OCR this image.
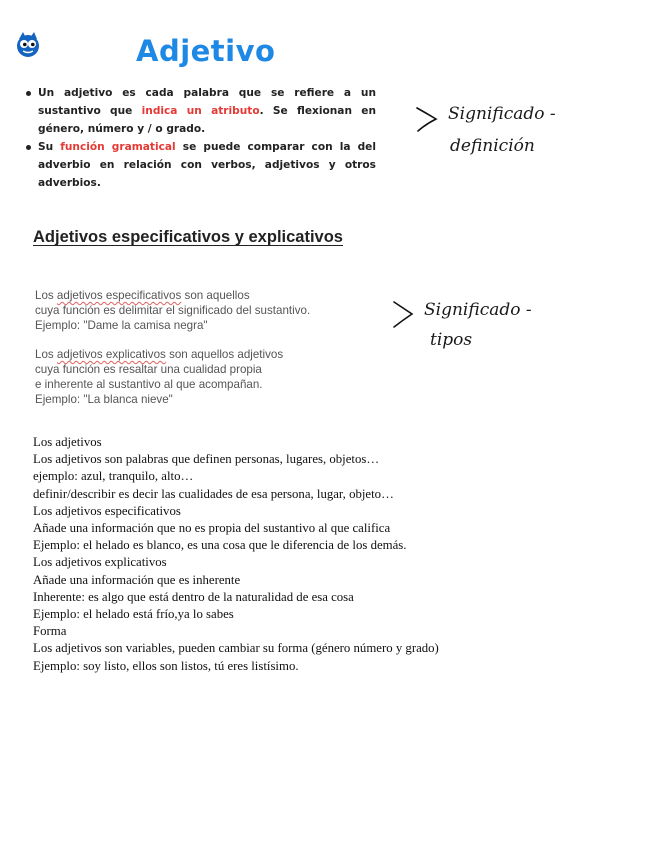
Adjetivo
Un adjetivo es cada palabra que se refiere a un sustantivo que indica un atributo. Se flexionan en género, número y / o grado.
Su función gramatical se puede comparar con la del adverbio en relación con verbos, adjetivos y otros adverbios.
Significado -
definición
Adjetivos especificativos y explicativos
Los adjetivos especificativos son aquellos
cuya función es delimitar el significado del sustantivo.
Ejemplo: "Dame la camisa negra"
Los adjetivos explicativos son aquellos adjetivos
cuya función es resaltar una cualidad propia
e inherente al sustantivo al que acompañan.
Ejemplo: "La blanca nieve"
Significado -
tipos
Los adjetivos
Los adjetivos son palabras que definen personas, lugares, objetos…
ejemplo: azul, tranquilo, alto…
definir/describir es decir las cualidades de esa persona, lugar, objeto…
Los adjetivos especificativos
Añade una información que no es propia del sustantivo al que califica
Ejemplo: el helado es blanco, es una cosa que le diferencia de los demás.
Los adjetivos explicativos
Añade una información que es inherente
Inherente: es algo que está dentro de la naturalidad de esa cosa
Ejemplo: el helado está frío,ya lo sabes
Forma
Los adjetivos son variables, pueden cambiar su forma (género número y grado)
Ejemplo: soy listo, ellos son listos, tú eres listísimo.
